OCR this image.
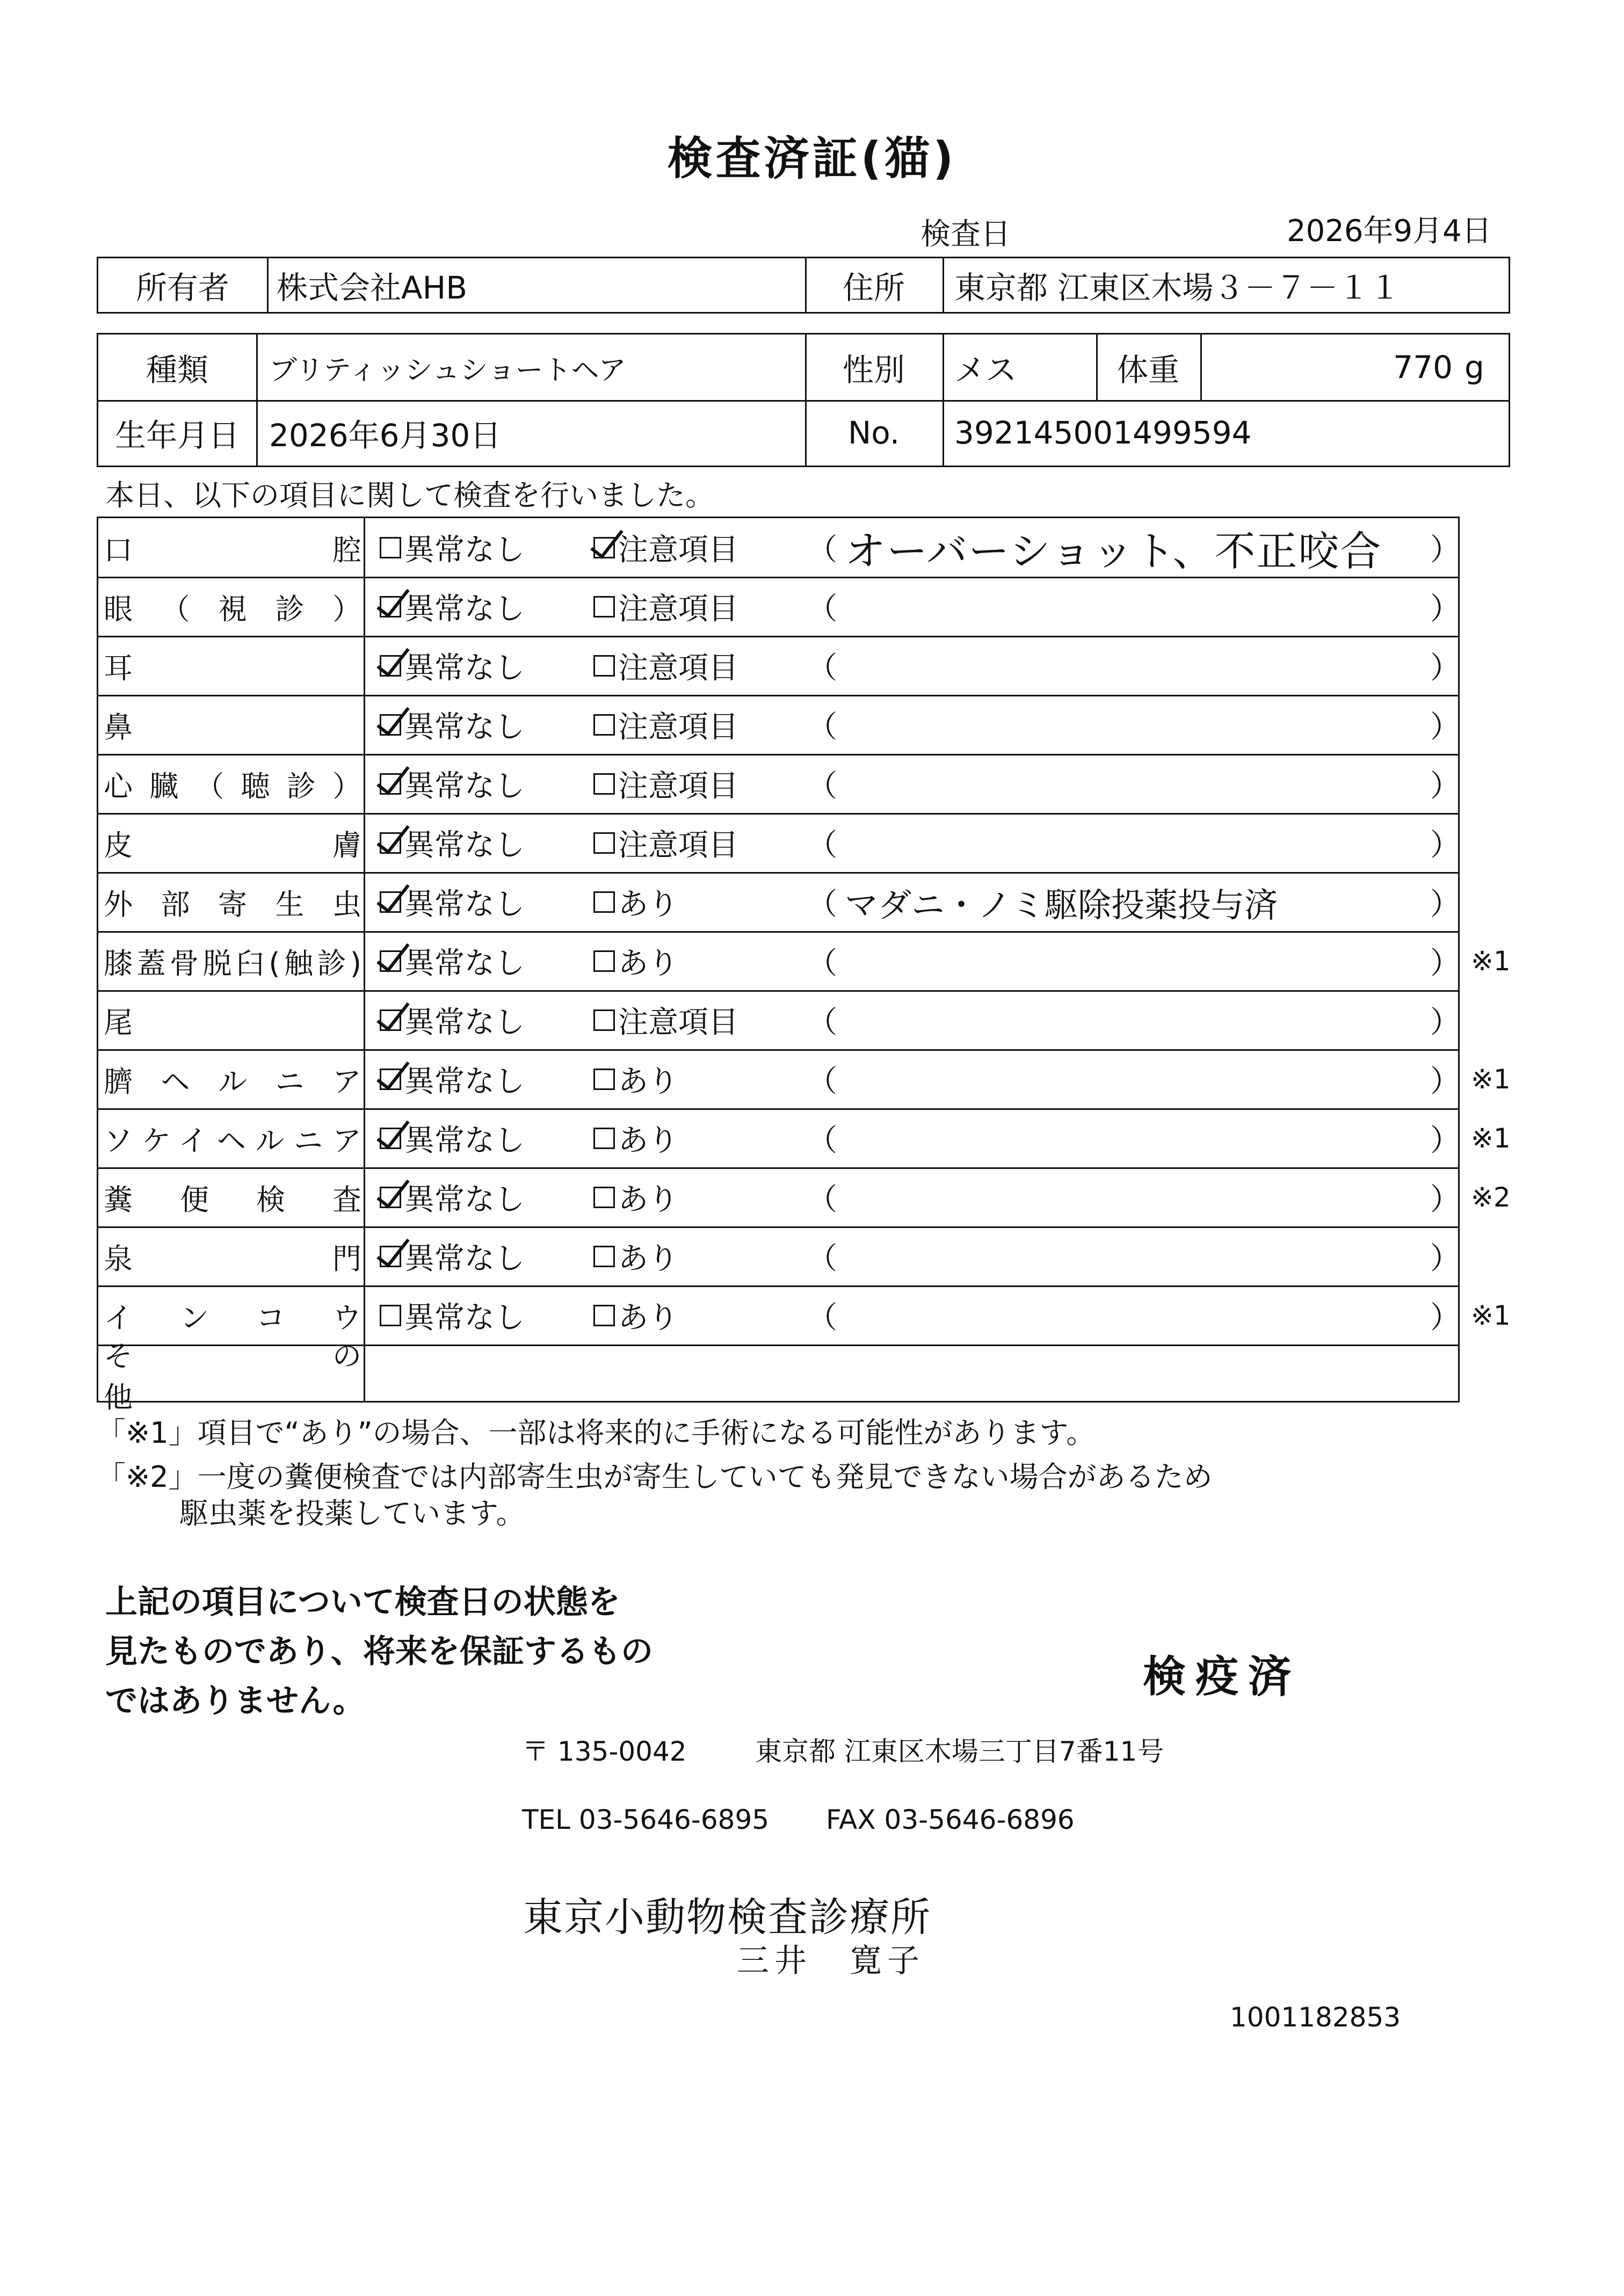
検査済証(猫)
検査日	2026年9月4日
所有者	株式会社AHB	住所	東京都 江東区木場３－７－１１
種類	ブリティッシュショートヘア	性別	メス	体重	770 g
生年月日 2026年6月30日	No.	392145001499594
本日、以下の項目に関して検査を行いました。
口　　　　　　腔 異常なし	注意項目 （ オーバーショット、不正咬合	）
眼（視診） 異常なし	注意項目 （	）
耳	異常なし	注意項目 （	）
鼻	異常なし	注意項目 （	）
心臓（聴診） 異常なし	注意項目 （	）
皮　　　　　　膚 異常なし	注意項目 （	）
外部寄生虫 異常なし	あり	（ マダニ・ノミ駆除投薬投与済	）
膝蓋骨脱臼(触診) 異常なし	あり	（	） ※1
尾	異常なし	注意項目 （	）
臍ヘルニア 異常なし	あり	（	） ※1
ソケイヘルニア 異常なし	あり	（	） ※1
糞便検査 異常なし	あり	（	） ※2
泉　　　　　　門 異常なし	あり	（	）
インコウ 異常なし	あり	（	） ※1
そ　　　の　　　他
「※1」項目で“あり”の場合、一部は将来的に手術になる可能性があります。
「※2」一度の糞便検査では内部寄生虫が寄生していても発見できない場合があるため
駆虫薬を投薬しています。
上記の項目について検査日の状態を
見たものであり、将来を保証するもの
ではありません。	検疫済
〒 135-0042	東京都 江東区木場三丁目7番11号
TEL 03-5646-6895 FAX 03-5646-6896
東京小動物検査診療所
三井　寛子
1001182853
